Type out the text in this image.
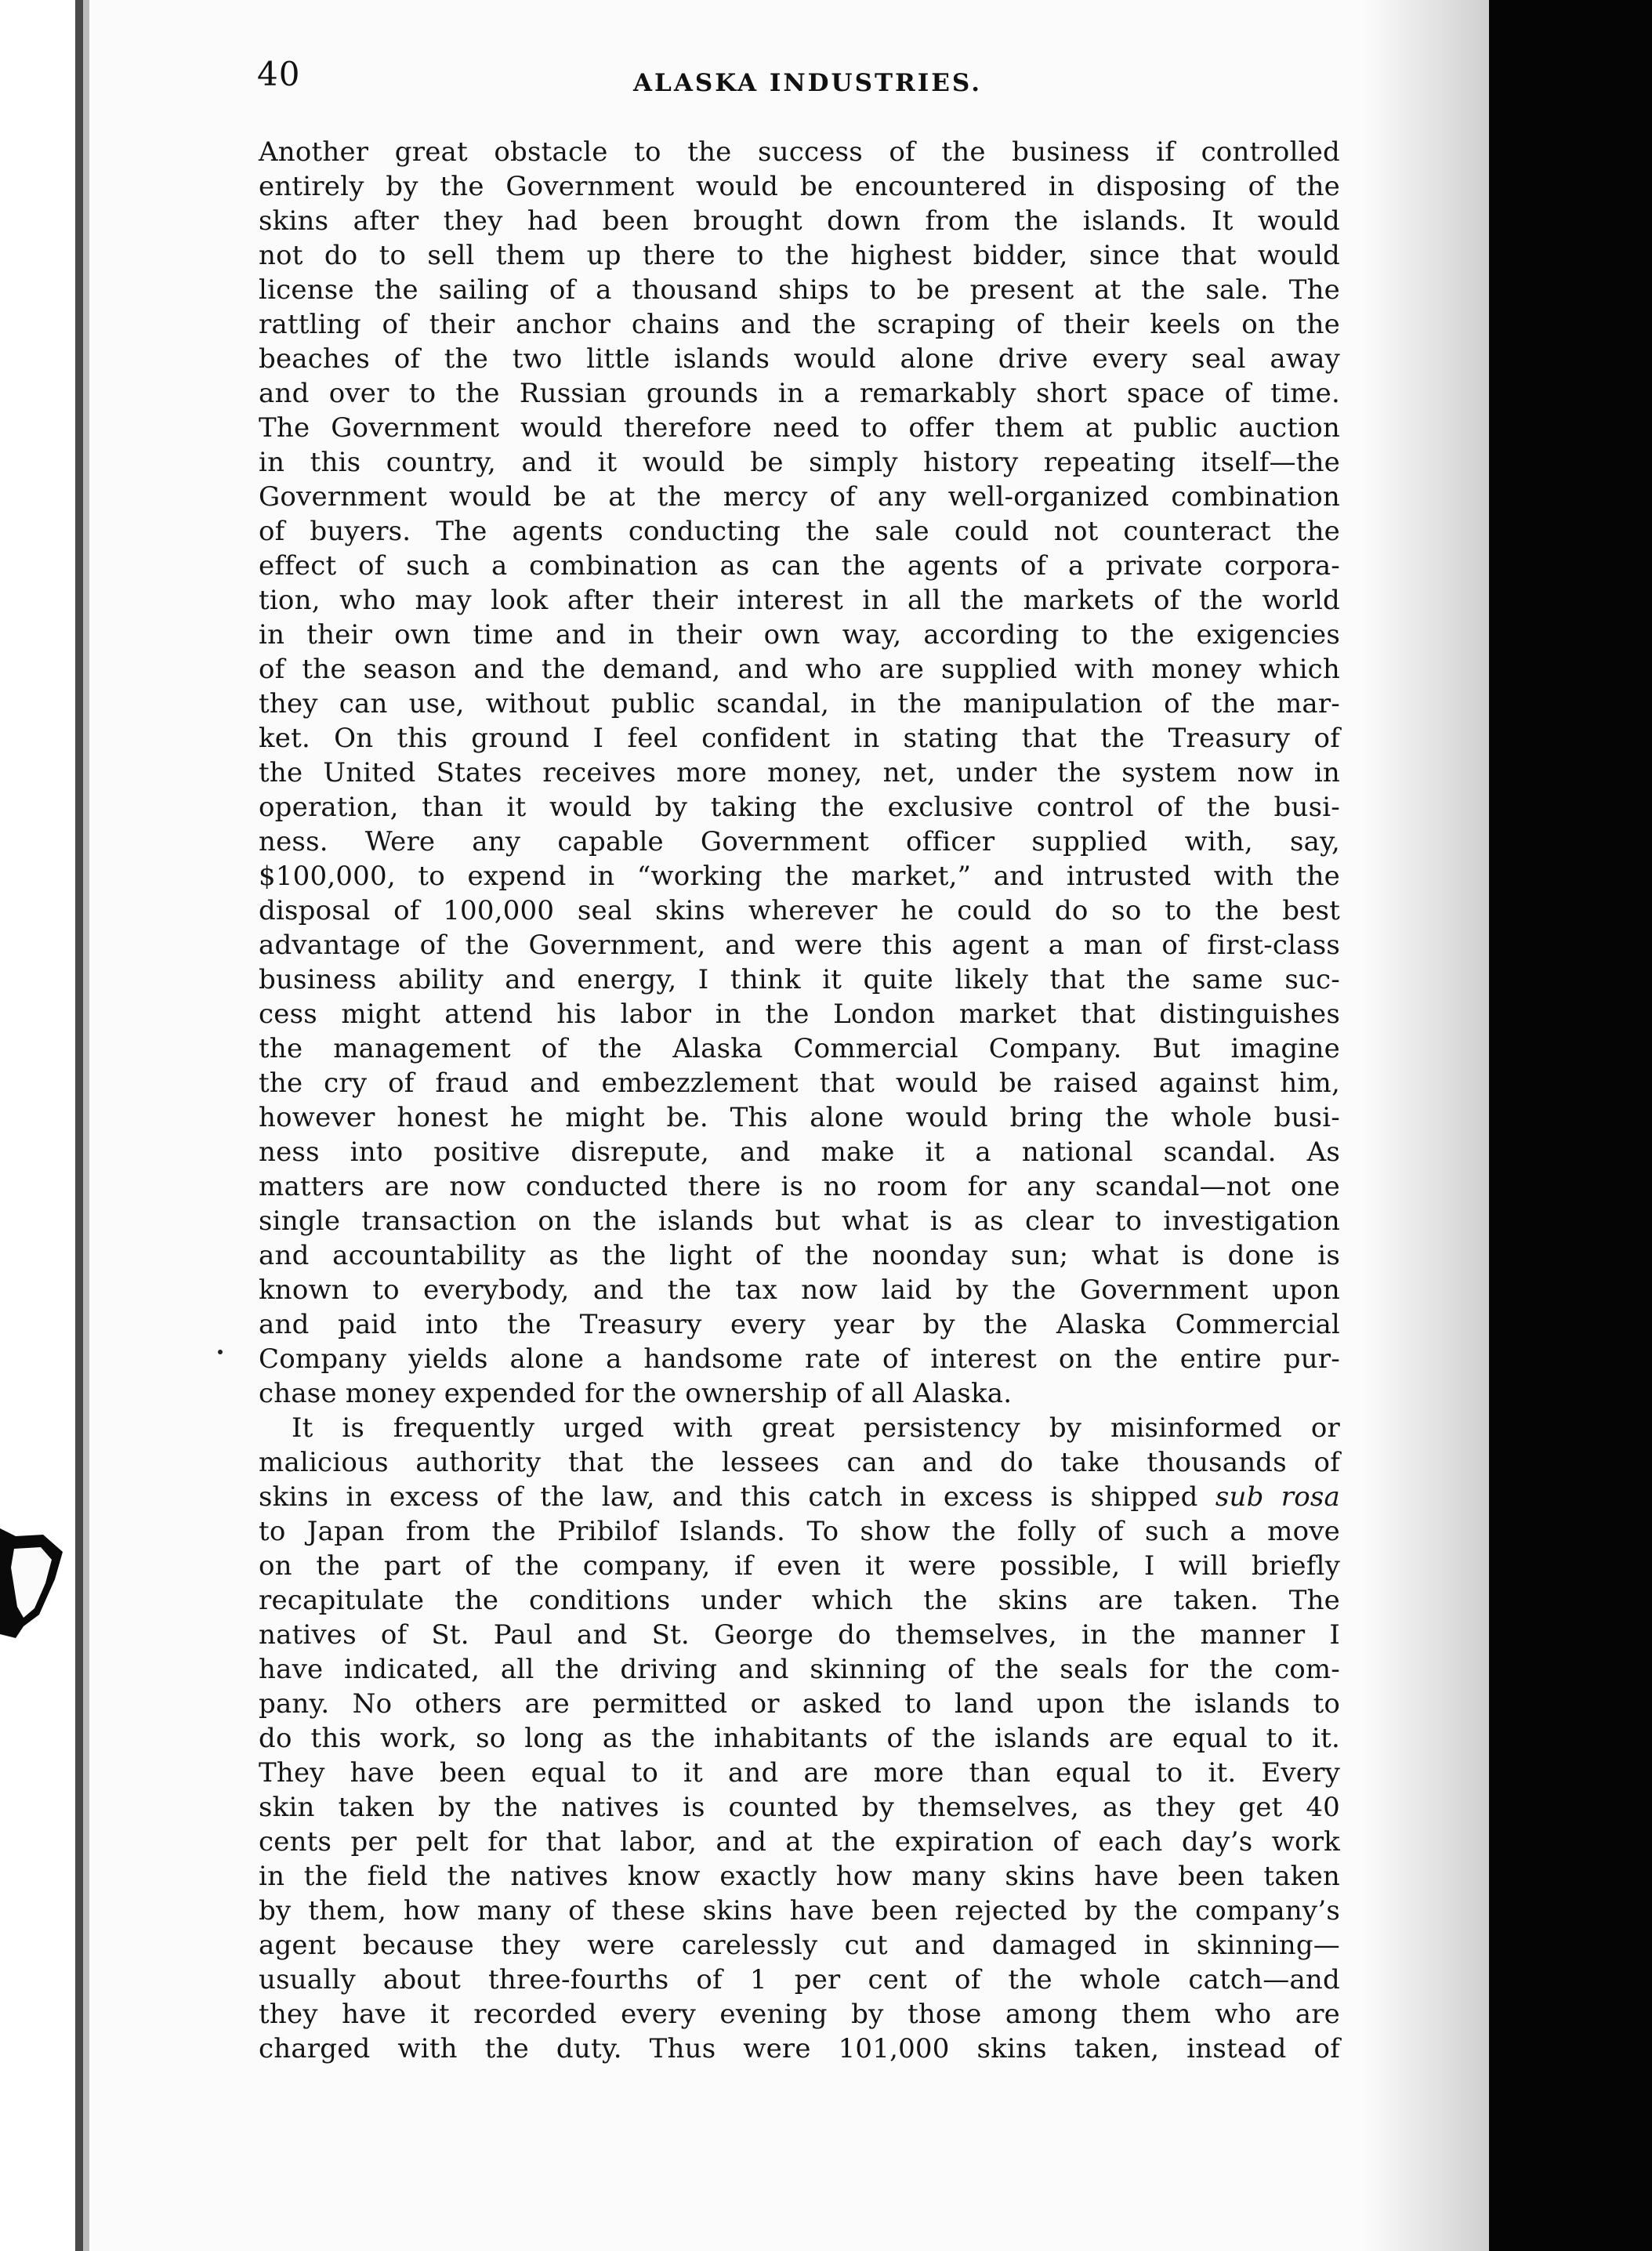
40	ALASKA INDUSTRIES.

Another great obstacle to the success of the business if controlled

entirely by the Government would be encountered in disposing of the

skins after they had been brought down from the islands. It would

not do to sell them up there to the highest bidder, since that would

license the sailing of a thousand ships to be present at the sale. The

rattling of their anchor chains and the scraping of their keels on the

beaches of the two little islands would alone drive every seal away

and over to the Russian grounds in a remarkably short space of time.

The Government would therefore need to offer them at public auction

in this country, and it would be simply history repeating itself—the

Government would be at the mercy of any well-organized combination

of buyers. The agents conducting the sale could not counteract the

effect of such a combination as can the agents of a private corpora-

tion, who may look after their interest in all the markets of the world

in their own time and in their own way, according to the exigencies

of the season and the demand, and who are supplied with money which

they can use, without public scandal, in the manipulation of the mar-

ket. On this ground I feel confident in stating that the Treasury of

the United States receives more money, net, under the system now in

operation, than it would by taking the exclusive control of the busi-

ness. Were any capable Government officer supplied with, say,

$100,000, to expend in “working the market,” and intrusted with the

disposal of 100,000 seal skins wherever he could do so to the best

advantage of the Government, and were this agent a man of first-class

business ability and energy, I think it quite likely that the same suc-

cess might attend his labor in the London market that distinguishes

the management of the Alaska Commercial Company. But imagine

the cry of fraud and embezzlement that would be raised against him,

however honest he might be. This alone would bring the whole busi-

ness into positive disrepute, and make it a national scandal. As

matters are now conducted there is no room for any scandal—not one

single transaction on the islands but what is as clear to investigation

and accountability as the light of the noonday sun; what is done is

known to everybody, and the tax now laid by the Government upon

and paid into the Treasury every year by the Alaska Commercial

Company yields alone a handsome rate of interest on the entire pur-

chase money expended for the ownership of all Alaska.

It is frequently urged with great persistency by misinformed or

malicious authority that the lessees can and do take thousands of

skins in excess of the law, and this catch in excess is shipped sub rosa

to Japan from the Pribilof Islands. To show the folly of such a move

on the part of the company, if even it were possible, I will briefly

recapitulate the conditions under which the skins are taken. The

natives of St. Paul and St. George do themselves, in the manner I

have indicated, all the driving and skinning of the seals for the com-

pany. No others are permitted or asked to land upon the islands to

do this work, so long as the inhabitants of the islands are equal to it.

They have been equal to it and are more than equal to it. Every

skin taken by the natives is counted by themselves, as they get 40

cents per pelt for that labor, and at the expiration of each day’s work

in the field the natives know exactly how many skins have been taken

by them, how many of these skins have been rejected by the company’s

agent because they were carelessly cut and damaged in skinning—

usually about three-fourths of 1 per cent of the whole catch—and

they have it recorded every evening by those among them who are

charged with the duty. Thus were 101,000 skins taken, instead of
